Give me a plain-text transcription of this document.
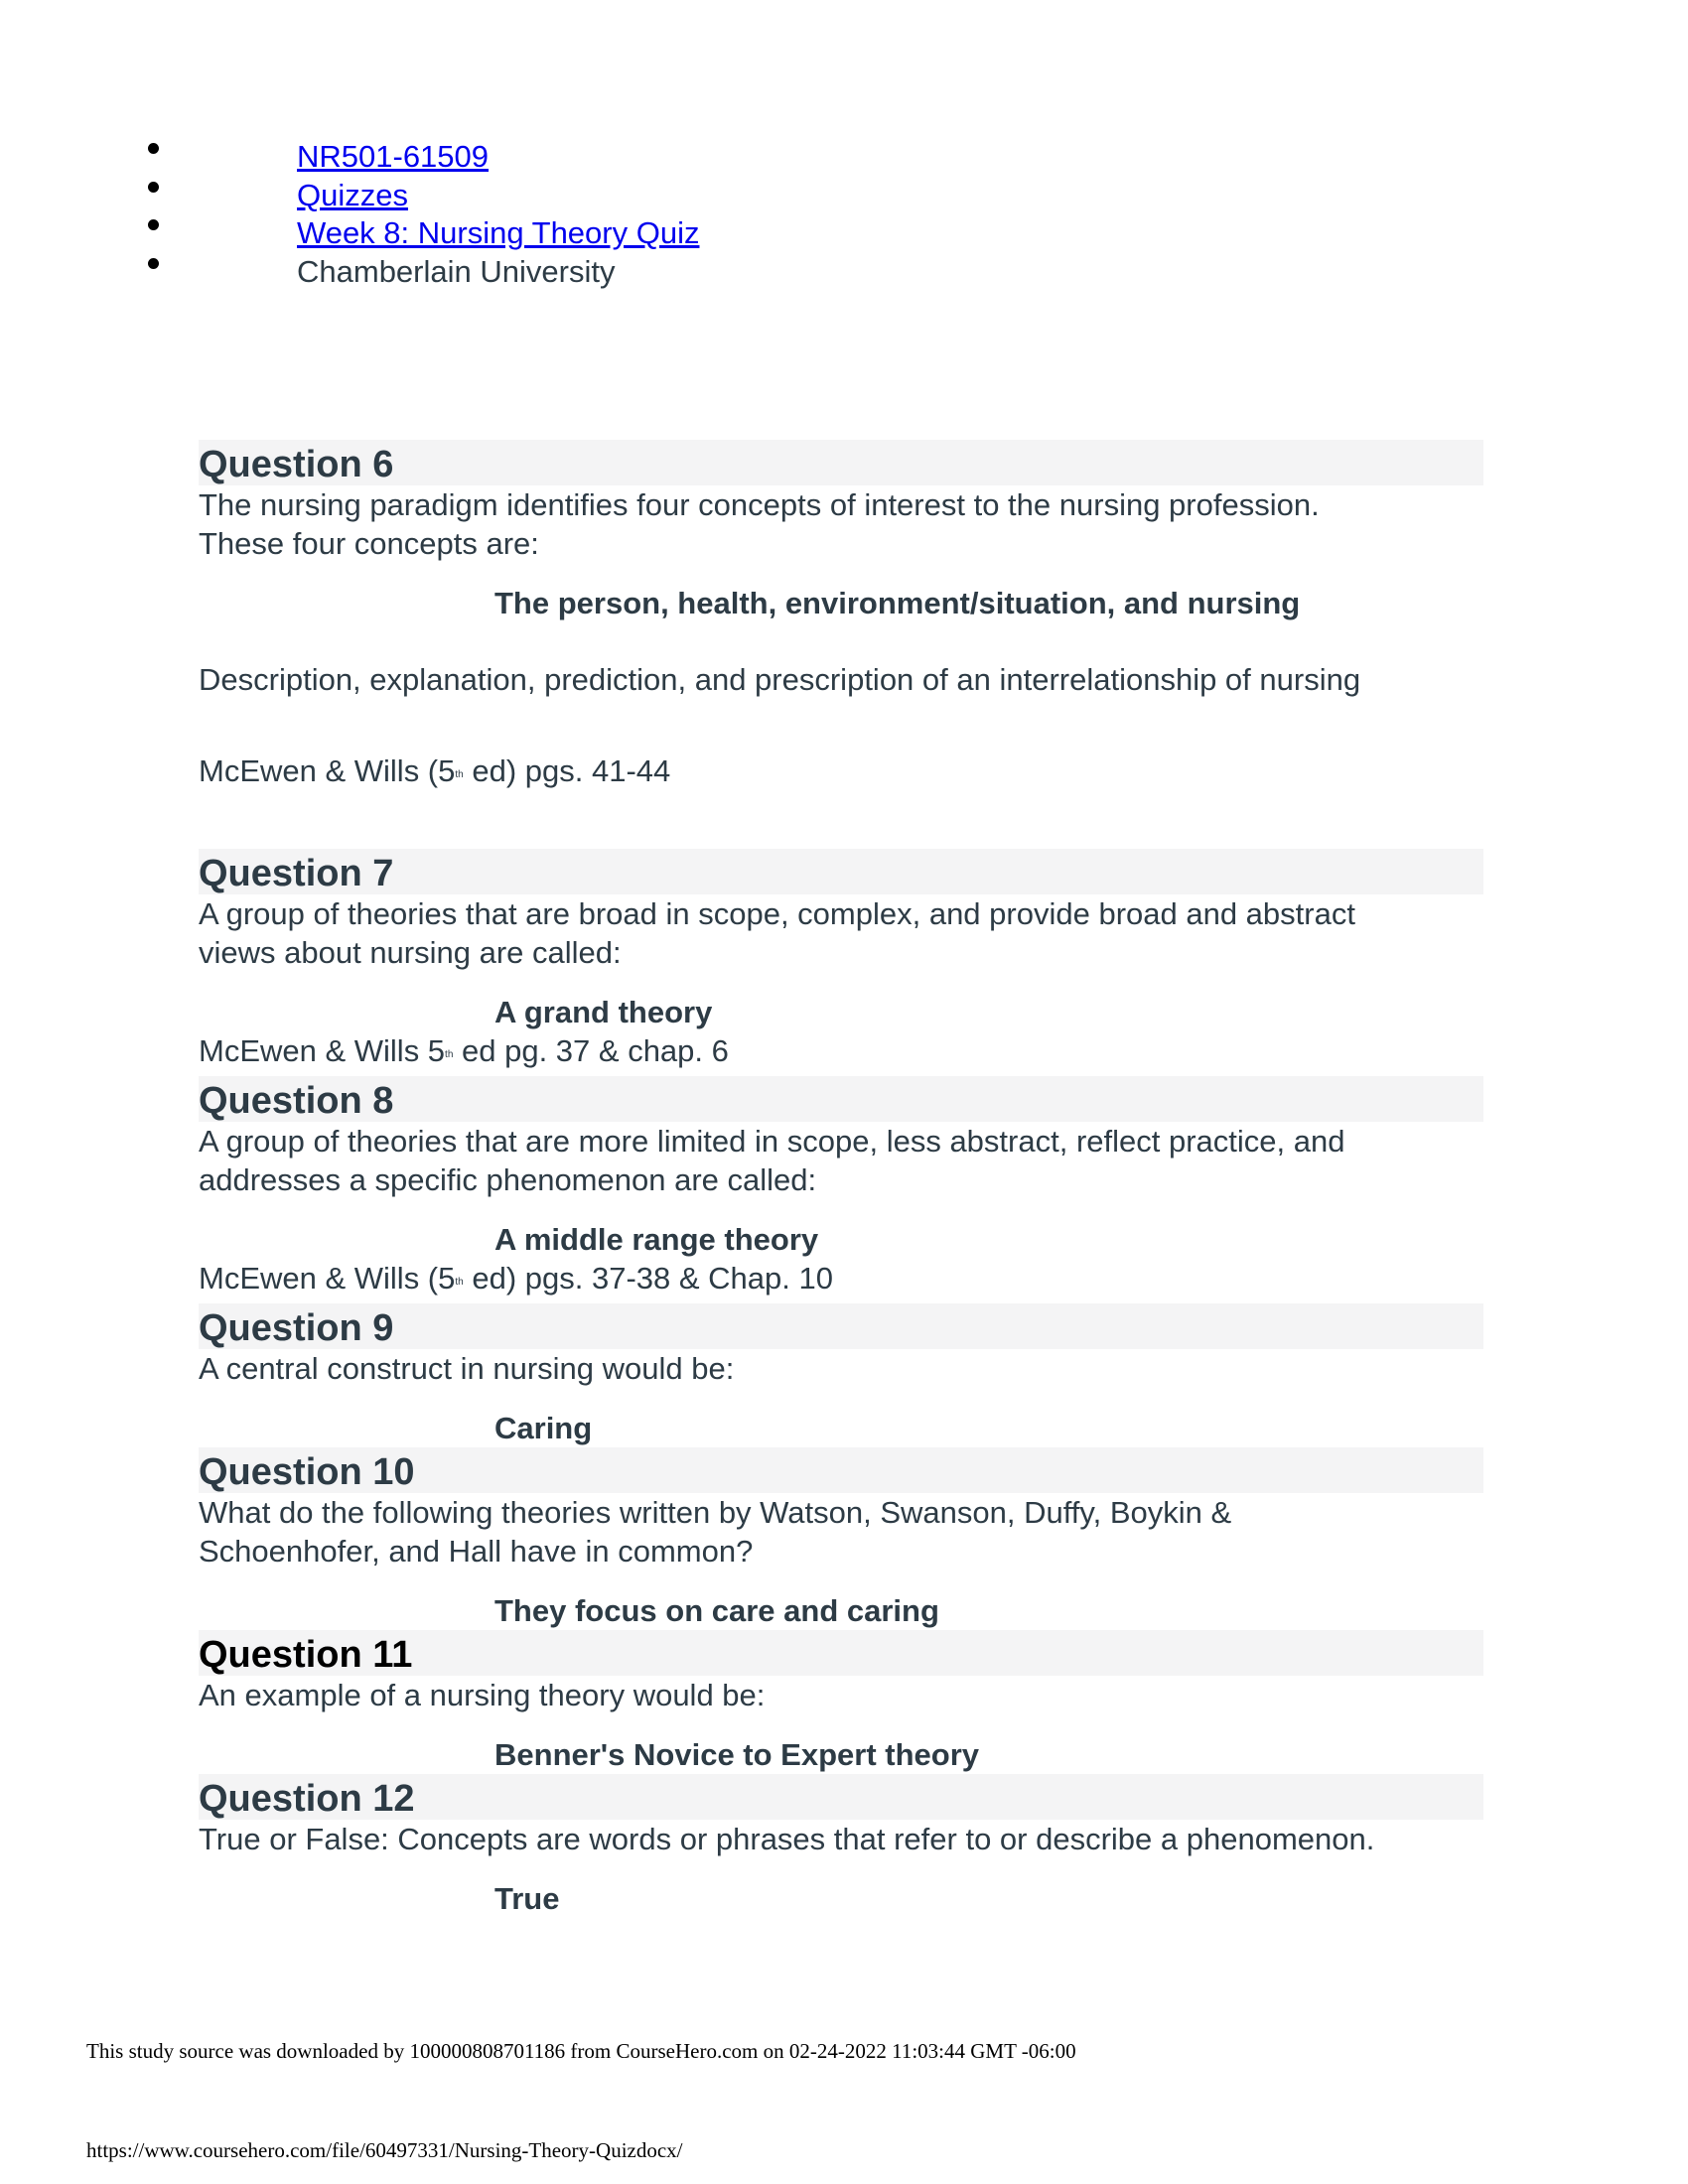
NR501-61509
Quizzes
Week 8: Nursing Theory Quiz
Chamberlain University
Question 6
The nursing paradigm identifies four concepts of interest to the nursing profession.
These four concepts are:
The person, health, environment/situation, and nursing
Description, explanation, prediction, and prescription of an interrelationship of nursing
McEwen & Wills (5th ed) pgs. 41-44
Question 7
A group of theories that are broad in scope, complex, and provide broad and abstract
views about nursing are called:
A grand theory
McEwen & Wills 5th ed pg. 37 & chap. 6
Question 8
A group of theories that are more limited in scope, less abstract, reflect practice, and
addresses a specific phenomenon are called:
A middle range theory
McEwen & Wills (5th ed) pgs. 37-38 & Chap. 10
Question 9
A central construct in nursing would be:
Caring
Question 10
What do the following theories written by Watson, Swanson, Duffy, Boykin &
Schoenhofer, and Hall have in common?
They focus on care and caring
Question 11
An example of a nursing theory would be:
Benner's Novice to Expert theory
Question 12
True or False: Concepts are words or phrases that refer to or describe a phenomenon.
True
This study source was downloaded by 100000808701186 from CourseHero.com on 02-24-2022 11:03:44 GMT -06:00
https://www.coursehero.com/file/60497331/Nursing-Theory-Quizdocx/
